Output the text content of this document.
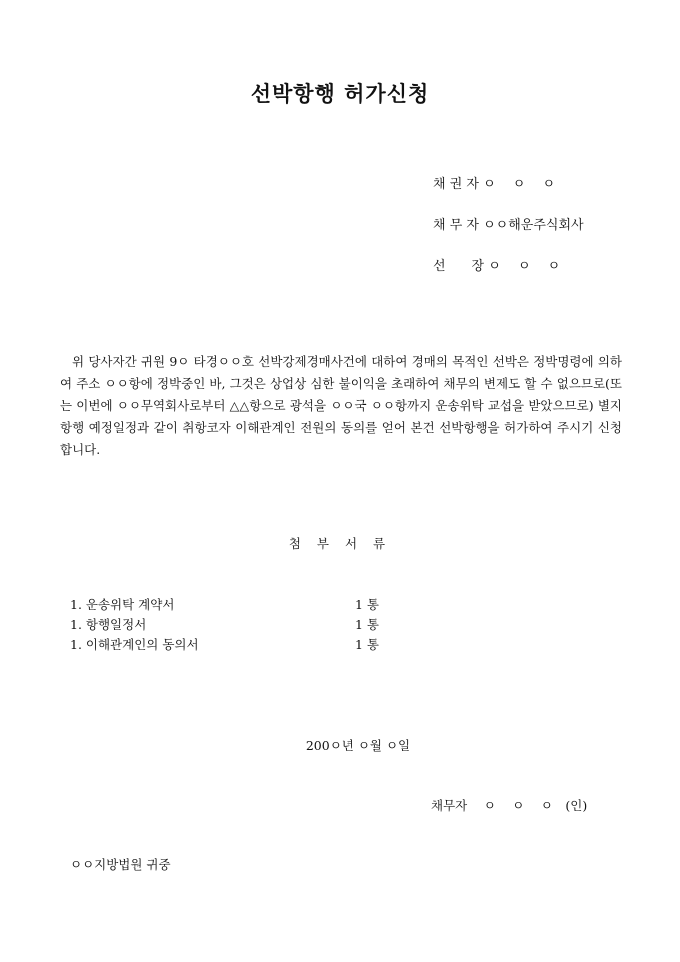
선박항행 허가신청
채 권 자 ㅇ　 ㅇ　 ㅇ
채 무 자 ㅇㅇ해운주식회사
선　　장 ㅇ　 ㅇ　 ㅇ
위 당사자간 귀원 9ㅇ 타경ㅇㅇ호 선박강제경매사건에 대하여 경매의 목적인 선박은 정박명령에 의하여 주소 ㅇㅇ항에 정박중인 바, 그것은 상업상 심한 불이익을 초래하여 채무의 변제도 할 수 없으므로(또는 이번에 ㅇㅇ무역회사로부터 △△항으로 광석을 ㅇㅇ국 ㅇㅇ항까지 운송위탁 교섭을 받았으므로) 별지 항행 예정일정과 같이 취항코자 이해관계인 전원의 동의를 얻어 본건 선박항행을 허가하여 주시기 신청합니다.
첨 부 서 류
1. 운송위탁 계약서	1 통
1. 항행일정서	1 통
1. 이해관계인의 동의서	1 통
200ㅇ년 ㅇ월 ㅇ일
채무자　 ㅇ　 ㅇ　 ㅇ　(인)
ㅇㅇ지방법원 귀중
